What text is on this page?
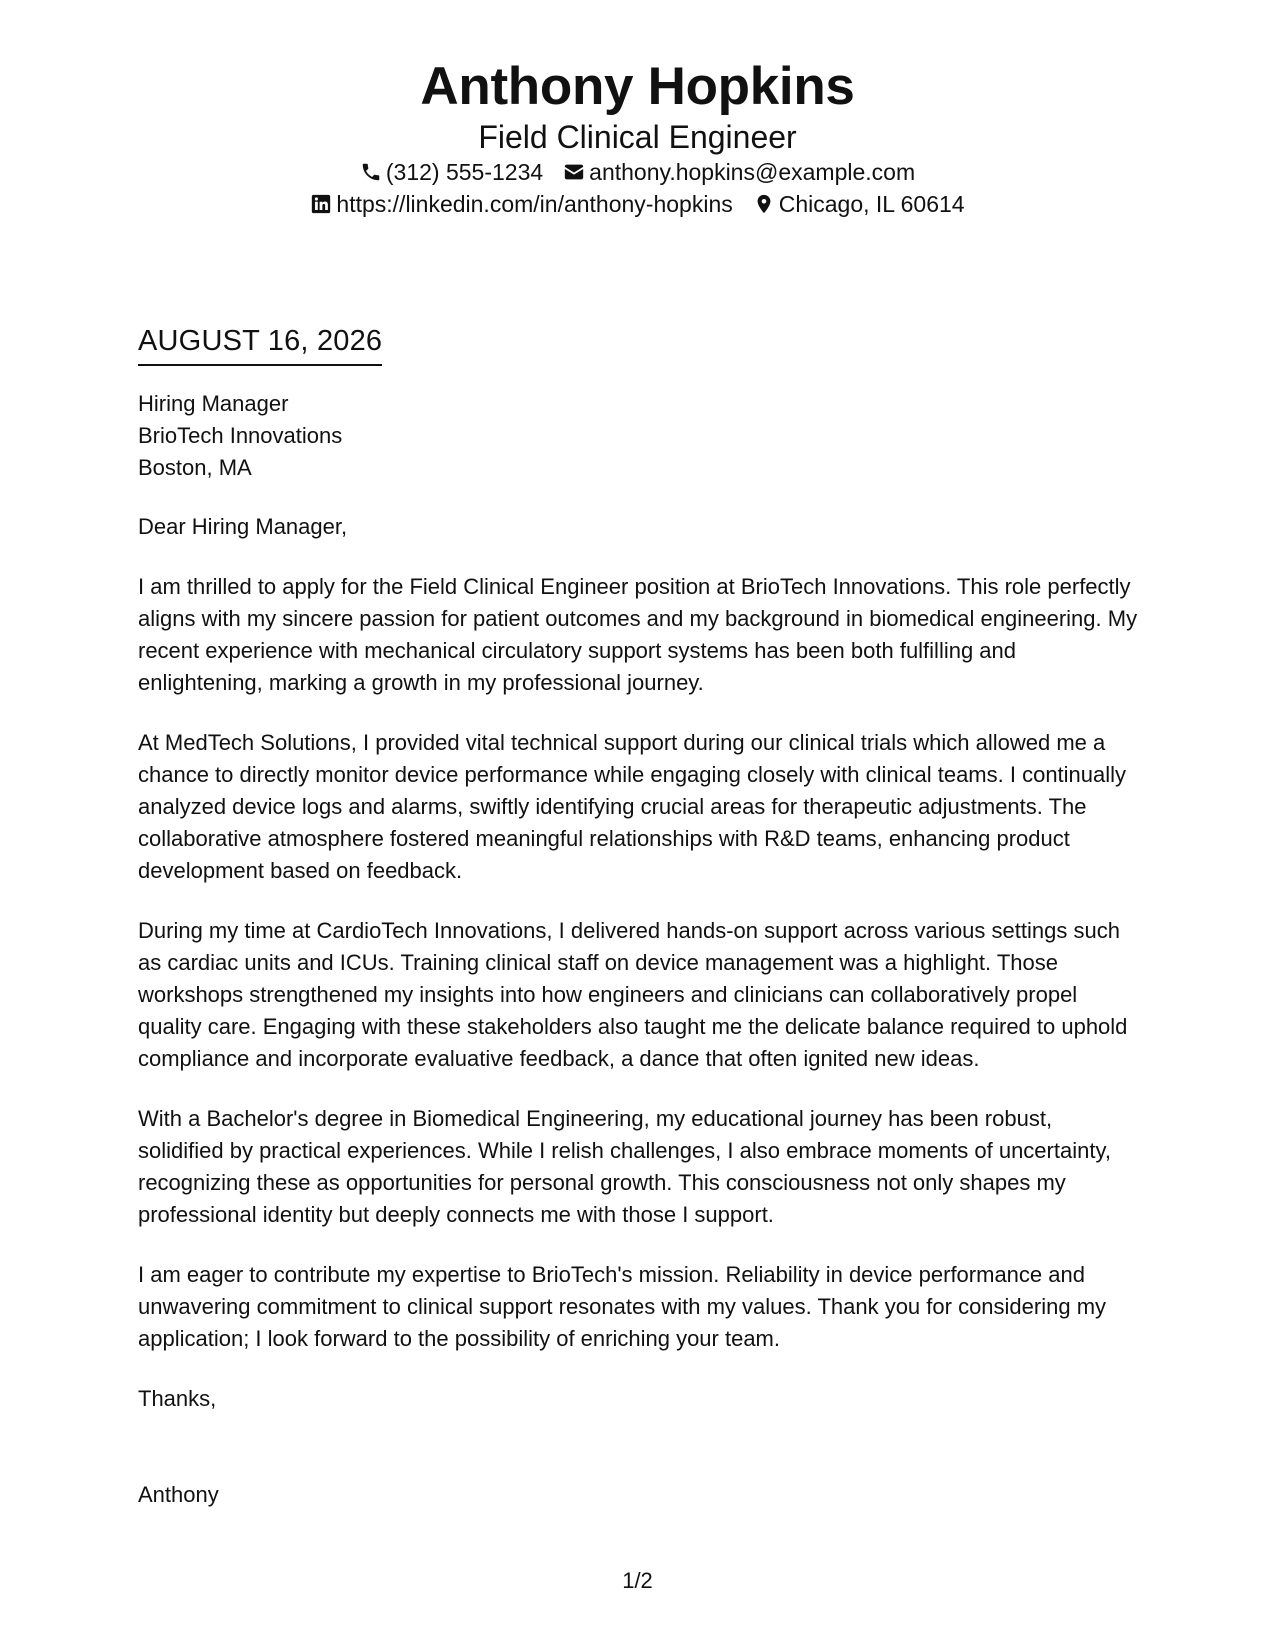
Anthony Hopkins
Field Clinical Engineer
(312) 555-1234 anthony.hopkins@example.com
https://linkedin.com/in/anthony-hopkins Chicago, IL 60614
AUGUST 16, 2026
Hiring Manager
BrioTech Innovations
Boston, MA

Dear Hiring Manager,

I am thrilled to apply for the Field Clinical Engineer position at BrioTech Innovations. This role perfectly aligns with my sincere passion for patient outcomes and my background in biomedical engineering. My recent experience with mechanical circulatory support systems has been both fulfilling and enlightening, marking a growth in my professional journey.

At MedTech Solutions, I provided vital technical support during our clinical trials which allowed me a chance to directly monitor device performance while engaging closely with clinical teams. I continually analyzed device logs and alarms, swiftly identifying crucial areas for therapeutic adjustments. The collaborative atmosphere fostered meaningful relationships with R&D teams, enhancing product development based on feedback.

During my time at CardioTech Innovations, I delivered hands-on support across various settings such as cardiac units and ICUs. Training clinical staff on device management was a highlight. Those workshops strengthened my insights into how engineers and clinicians can collaboratively propel quality care. Engaging with these stakeholders also taught me the delicate balance required to uphold compliance and incorporate evaluative feedback, a dance that often ignited new ideas.

With a Bachelor's degree in Biomedical Engineering, my educational journey has been robust, solidified by practical experiences. While I relish challenges, I also embrace moments of uncertainty, recognizing these as opportunities for personal growth. This consciousness not only shapes my professional identity but deeply connects me with those I support.

I am eager to contribute my expertise to BrioTech's mission. Reliability in device performance and unwavering commitment to clinical support resonates with my values. Thank you for considering my application; I look forward to the possibility of enriching your team.

Thanks,

Anthony

1/2
